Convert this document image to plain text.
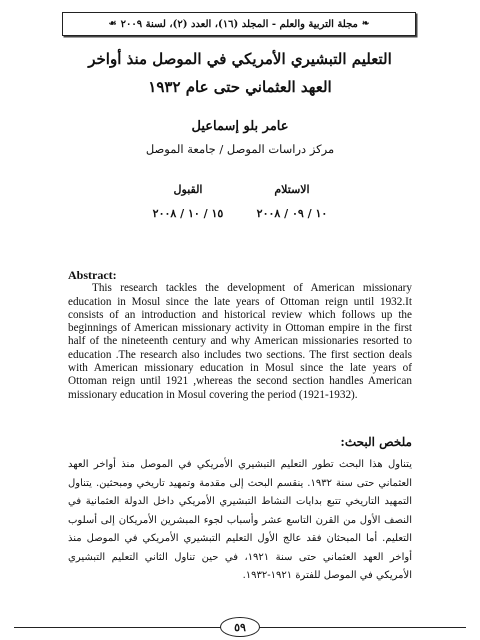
❧
مجلة التربية والعلم - المجلد (١٦)، العدد (٢)، لسنة ٢٠٠٩
☙
التعليم التبشيري الأمريكي في الموصل منذ أواخر
العهد العثماني حتى عام ١٩٣٢
عامر بلو إسماعيل
مركز دراسات الموصل / جامعة الموصل
الاستلام
القبول
١٠ / ٠٩ / ٢٠٠٨
١٥ / ١٠ / ٢٠٠٨
Abstract:
This research tackles the development of American missionary education in Mosul since the late years of Ottoman reign until 1932.It consists of an introduction and historical review which follows up the beginnings of American missionary activity in Ottoman empire in the first half of the nineteenth century and why American missionaries resorted to education .The research also includes two sections. The first section deals with American missionary education in Mosul since the late years of Ottoman reign until 1921 ,whereas the second section handles American missionary education in Mosul covering the period (1921-1932).
ملخص البحث:
يتناول هذا البحث تطور التعليم التبشيري الأمريكي في الموصل منذ أواخر العهد العثماني حتى سنة ١٩٣٢. ينقسم البحث إلى مقدمة وتمهيد تاريخي ومبحثين. يتناول التمهيد التاريخي تتبع بدايات النشاط التبشيري الأمريكي داخل الدولة العثمانية في النصف الأول من القرن التاسع عشر وأسباب لجوء المبشرين الأمريكان إلى أسلوب التعليم. أما المبحثان فقد عالج الأول التعليم التبشيري الأمريكي في الموصل منذ أواخر العهد العثماني حتى سنة ١٩٢١، في حين تناول الثاني التعليم التبشيري الأمريكي في الموصل للفترة ١٩٢١-١٩٣٢.
٥٩
